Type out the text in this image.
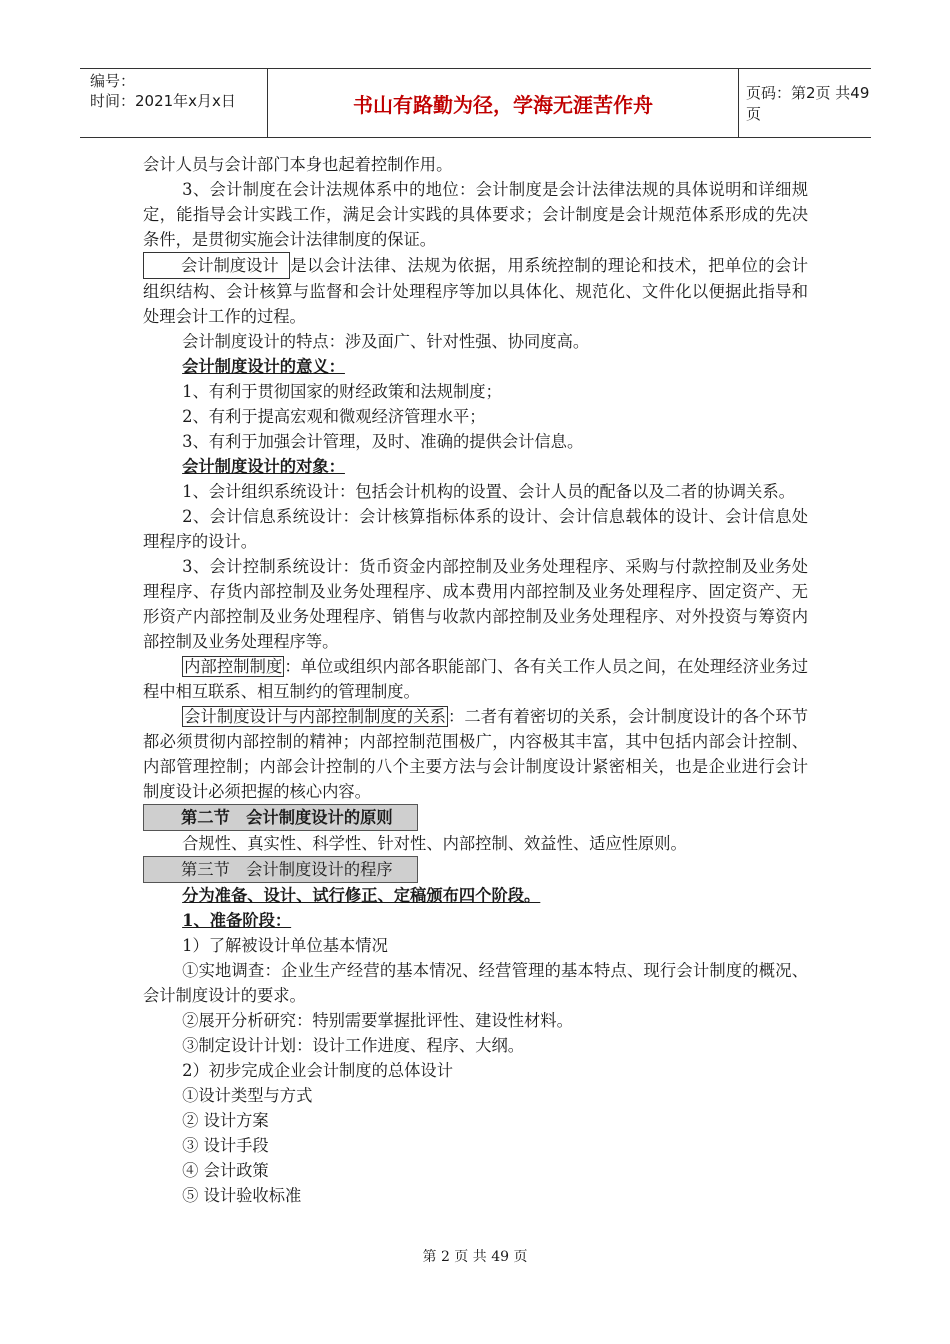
编号：
时间：2021年x月x日	书山有路勤为径，学海无涯苦作舟	页码：第2页 共49页

会计人员与会计部门本身也起着控制作用。

3、会计制度在会计法规体系中的地位：会计制度是会计法律法规的具体说明和详细规定，能指导会计实践工作，满足会计实践的具体要求；会计制度是会计规范体系形成的先决条件，是贯彻实施会计法律制度的保证。

会计制度设计 是以会计法律、法规为依据，用系统控制的理论和技术，把单位的会计组织结构、会计核算与监督和会计处理程序等加以具体化、规范化、文件化以便据此指导和处理会计工作的过程。

会计制度设计的特点：涉及面广、针对性强、协同度高。

会计制度设计的意义：

1、有利于贯彻国家的财经政策和法规制度；

2、有利于提高宏观和微观经济管理水平；

3、有利于加强会计管理，及时、准确的提供会计信息。

会计制度设计的对象：

1、会计组织系统设计：包括会计机构的设置、会计人员的配备以及二者的协调关系。

2、会计信息系统设计：会计核算指标体系的设计、会计信息载体的设计、会计信息处理程序的设计。

3、会计控制系统设计：货币资金内部控制及业务处理程序、采购与付款控制及业务处理程序、存货内部控制及业务处理程序、成本费用内部控制及业务处理程序、固定资产、无形资产内部控制及业务处理程序、销售与收款内部控制及业务处理程序、对外投资与筹资内部控制及业务处理程序等。

内部控制制度 ：单位或组织内部各职能部门、各有关工作人员之间，在处理经济业务过程中相互联系、相互制约的管理制度。

会计制度设计与内部控制制度的关系 ：二者有着密切的关系，会计制度设计的各个环节都必须贯彻内部控制的精神；内部控制范围极广，内容极其丰富，其中包括内部会计控制、内部管理控制；内部会计控制的八个主要方法与会计制度设计紧密相关，也是企业进行会计制度设计必须把握的核心内容。

第二节　会计制度设计的原则

合规性、真实性、科学性、针对性、内部控制、效益性、适应性原则。

第三节　会计制度设计的程序

分为准备、设计、试行修正、定稿颁布四个阶段。

1、准备阶段：

1）了解被设计单位基本情况

①实地调查：企业生产经营的基本情况、经营管理的基本特点、现行会计制度的概况、会计制度设计的要求。

②展开分析研究：特别需要掌握批评性、建设性材料。

③制定设计计划：设计工作进度、程序、大纲。

2）初步完成企业会计制度的总体设计

①设计类型与方式

② 设计方案

③ 设计手段

④ 会计政策

⑤ 设计验收标准

第 2 页 共 49 页
